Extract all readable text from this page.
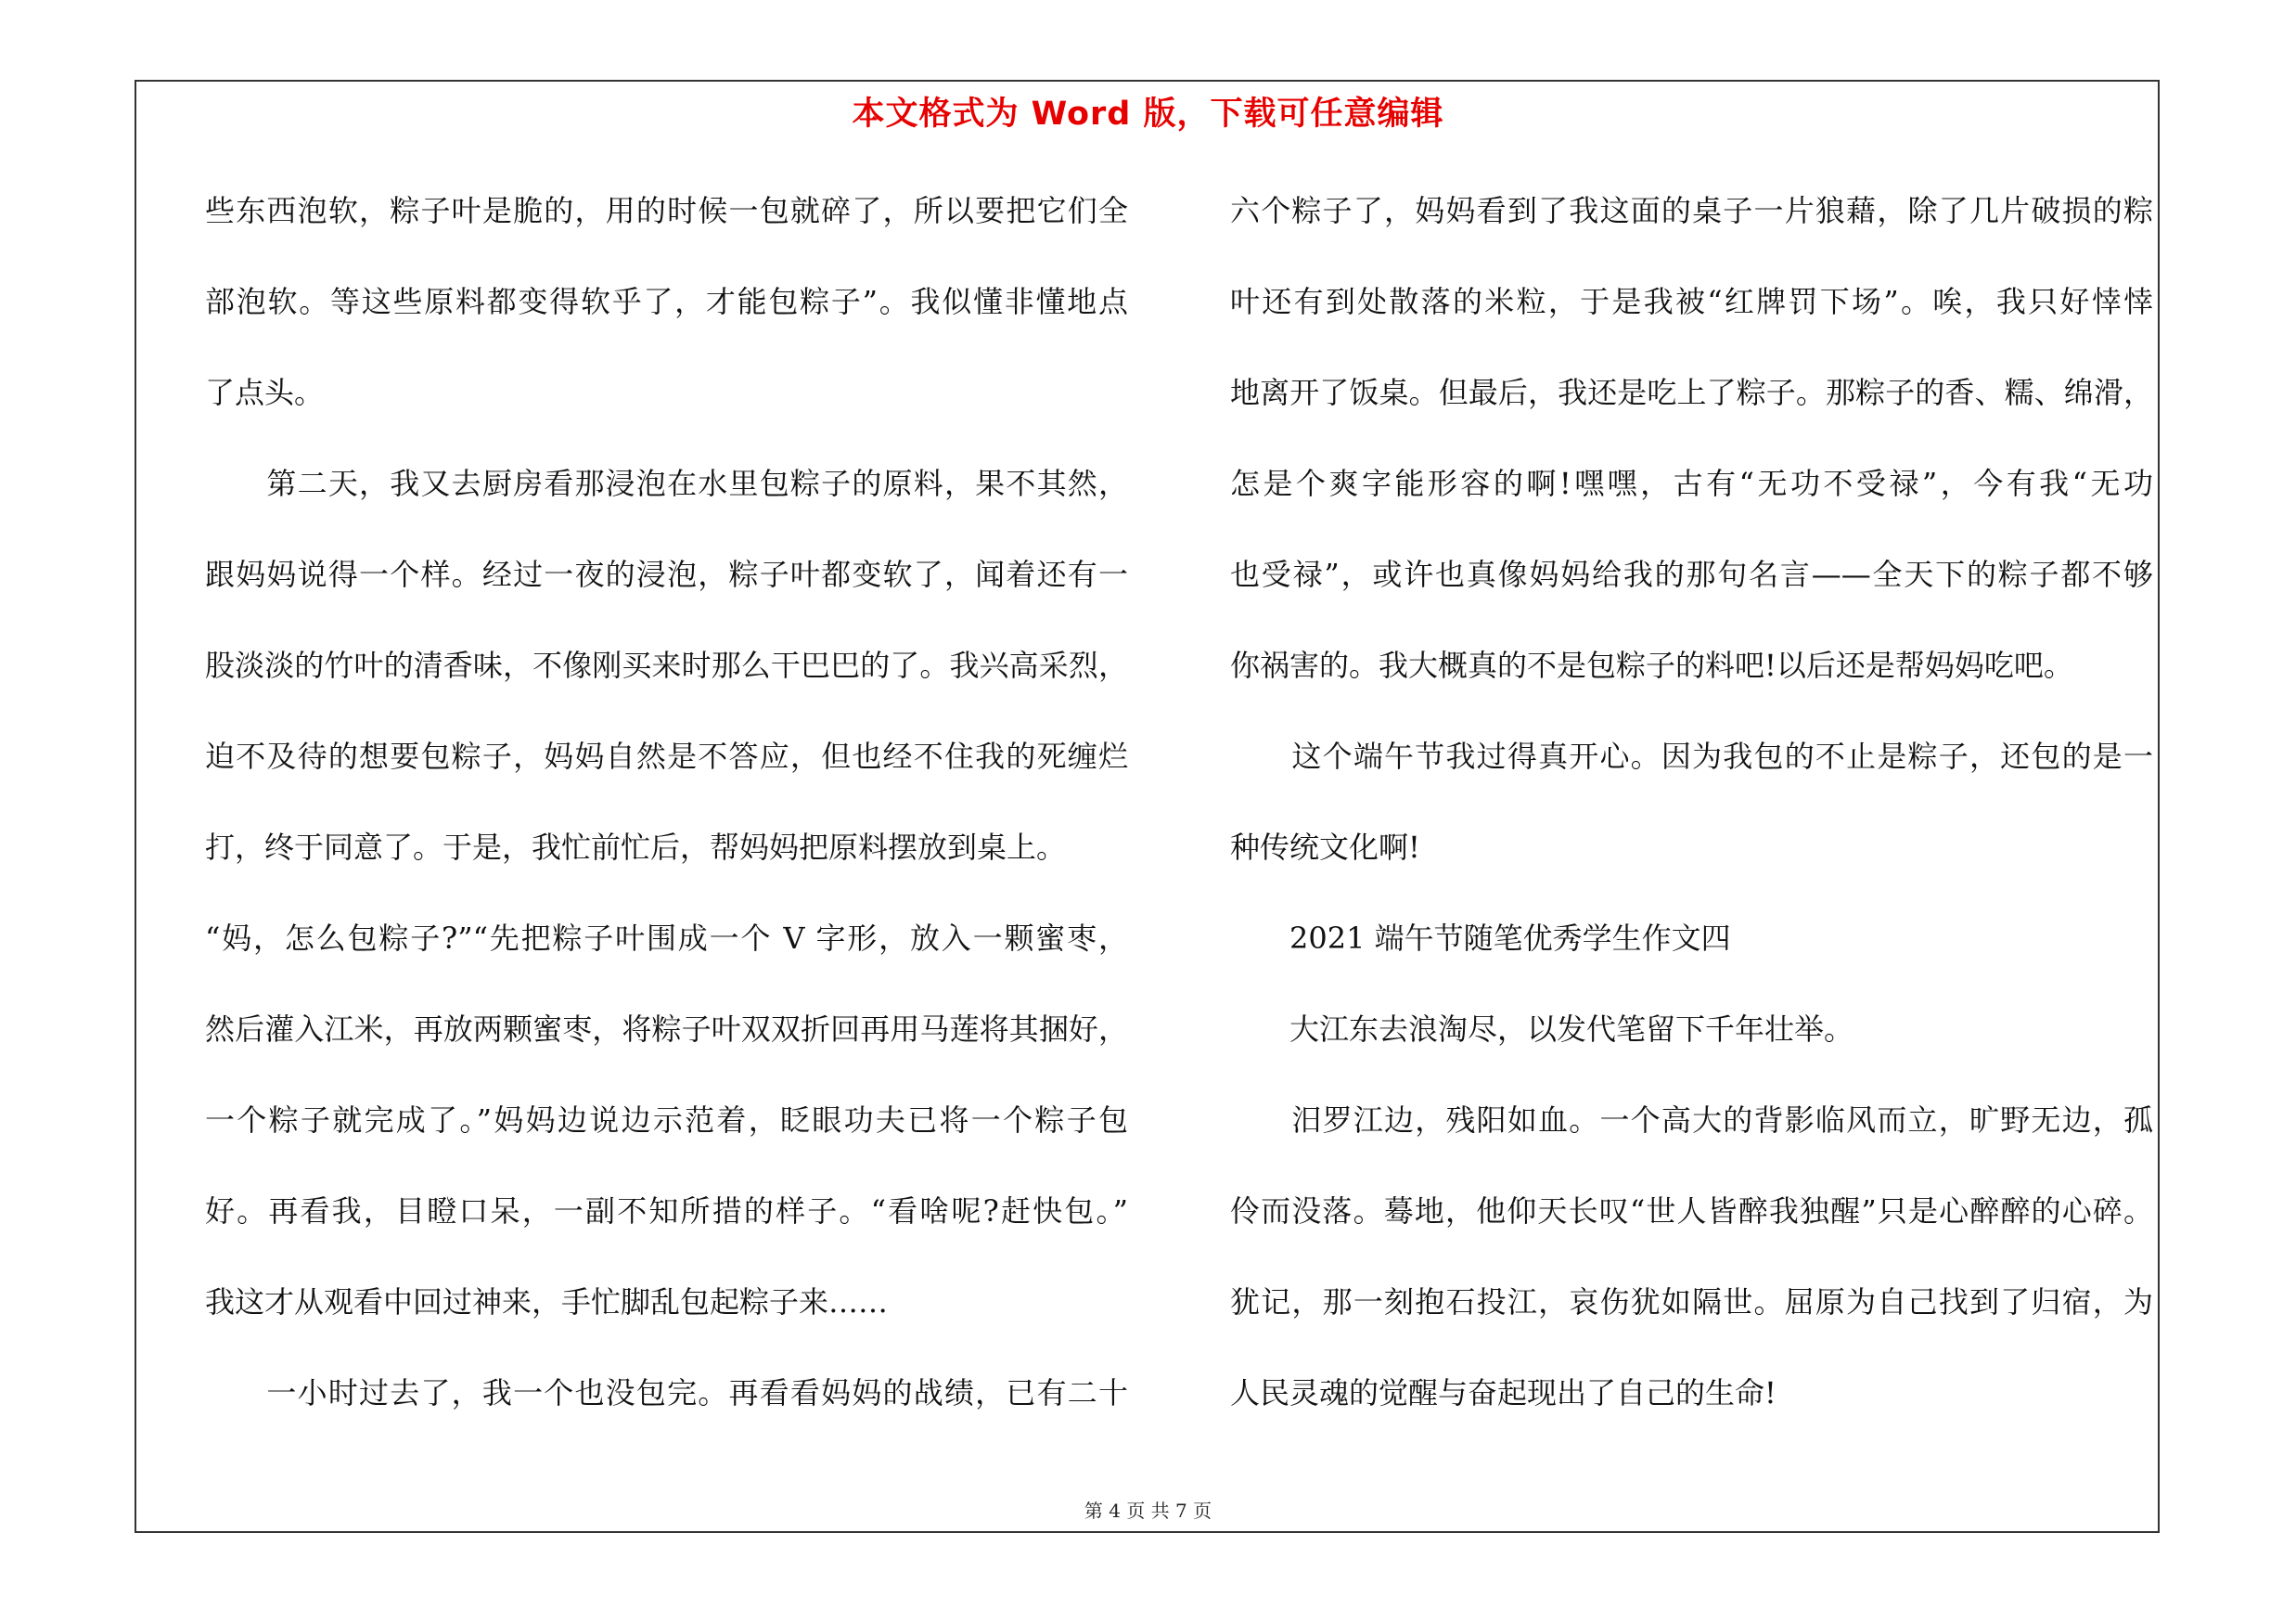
本文格式为 Word 版，下载可任意编辑
些东西泡软，粽子叶是脆的，用的时候一包就碎了，所以要把它们全
部泡软。等这些原料都变得软乎了，才能包粽子”。我似懂非懂地点
了点头。
　　第二天，我又去厨房看那浸泡在水里包粽子的原料，果不其然，
跟妈妈说得一个样。经过一夜的浸泡，粽子叶都变软了，闻着还有一
股淡淡的竹叶的清香味，不像刚买来时那么干巴巴的了。我兴高采烈，
迫不及待的想要包粽子，妈妈自然是不答应，但也经不住我的死缠烂
打，终于同意了。于是，我忙前忙后，帮妈妈把原料摆放到桌上。
“妈，怎么包粽子?”“先把粽子叶围成一个 V 字形，放入一颗蜜枣，
然后灌入江米，再放两颗蜜枣，将粽子叶双双折回再用马莲将其捆好，
一个粽子就完成了。”妈妈边说边示范着，眨眼功夫已将一个粽子包
好。再看我，目瞪口呆，一副不知所措的样子。“看啥呢?赶快包。”
我这才从观看中回过神来，手忙脚乱包起粽子来……
　　一小时过去了，我一个也没包完。再看看妈妈的战绩，已有二十
六个粽子了，妈妈看到了我这面的桌子一片狼藉，除了几片破损的粽
叶还有到处散落的米粒，于是我被“红牌罚下场”。唉，我只好悻悻
地离开了饭桌。但最后，我还是吃上了粽子。那粽子的香、糯、绵滑，
怎是个爽字能形容的啊!嘿嘿，古有“无功不受禄”，今有我“无功
也受禄”，或许也真像妈妈给我的那句名言——全天下的粽子都不够
你祸害的。我大概真的不是包粽子的料吧!以后还是帮妈妈吃吧。
　　这个端午节我过得真开心。因为我包的不止是粽子，还包的是一
种传统文化啊!
　　2021 端午节随笔优秀学生作文四
　　大江东去浪淘尽，以发代笔留下千年壮举。
　　汨罗江边，残阳如血。一个高大的背影临风而立，旷野无边，孤
伶而没落。蓦地，他仰天长叹“世人皆醉我独醒”只是心醉醉的心碎。
犹记，那一刻抱石投江，哀伤犹如隔世。屈原为自己找到了归宿，为
人民灵魂的觉醒与奋起现出了自己的生命!
第 4 页 共 7 页
